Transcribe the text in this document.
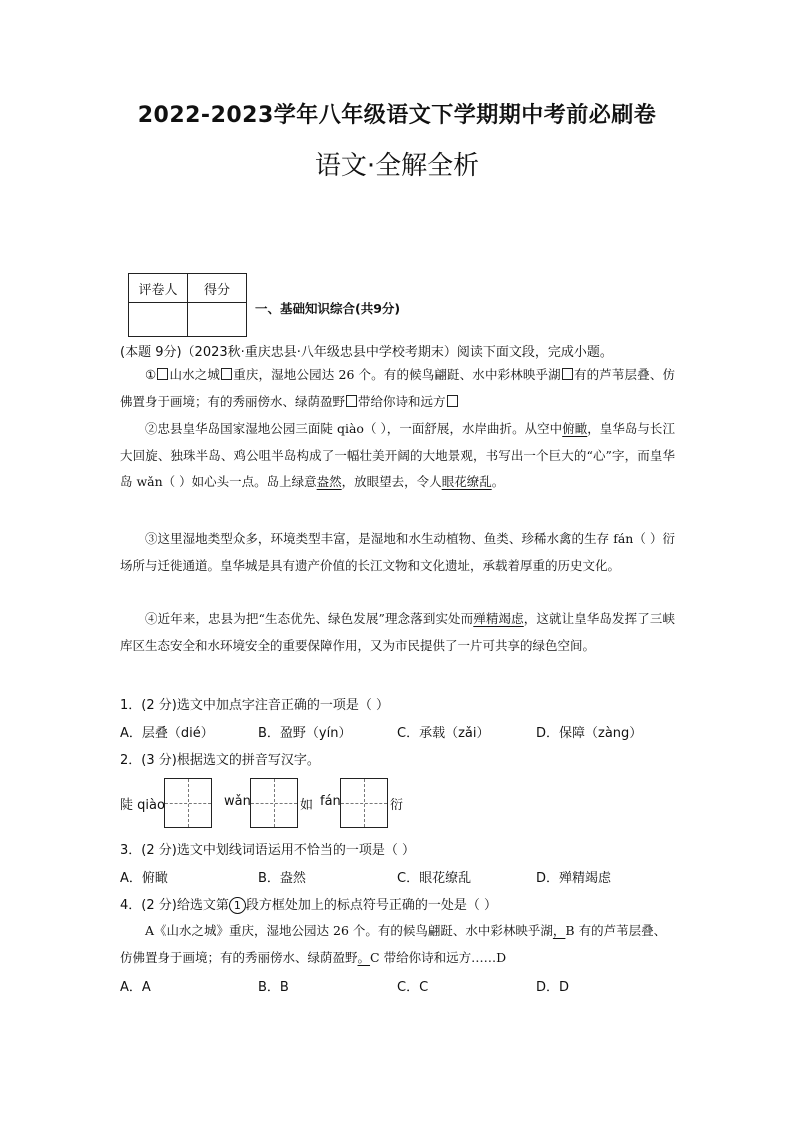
2022-2023学年八年级语文下学期期中考前必刷卷
语文·全解全析
评卷人	得分

一、基础知识综合(共9分)
(本题 9分)（2023秋·重庆忠县·八年级忠县中学校考期末）阅读下面文段，完成小题。
① 山水之城 重庆，湿地公园达 26 个。有的候鸟翩跹、水中彩林映乎湖 有的芦苇层叠、仿佛置身于画境；有的秀丽傍水、绿荫盈野 带给你诗和远方
②忠县皇华岛国家湿地公园三面陡 qiào（ ），一面舒展，水岸曲折。从空中俯瞰，皇华岛与长江大回旋、独珠半岛、鸡公咀半岛构成了一幅壮美开阔的大地景观，书写出一个巨大的“心”字，而皇华岛 wǎn（ ）如心头一点。岛上绿意盎然，放眼望去，令人眼花缭乱。
③这里湿地类型众多，环境类型丰富，是湿地和水生动植物、鱼类、珍稀水禽的生存 fán（ ）衍场所与迁徙通道。皇华城是具有遗产价值的长江文物和文化遗址，承载着厚重的历史文化。
④近年来，忠县为把“生态优先、绿色发展”理念落到实处而殚精竭虑，这就让皇华岛发挥了三峡库区生态安全和水环境安全的重要保障作用，又为市民提供了一片可共享的绿色空间。
1．(2 分)选文中加点字注音正确的一项是（ ）
A．层叠（dié）	B．盈野（yín）	C．承载（zǎi）	D．保障（zàng）
2．(3 分)根据选文的拼音写汉字。
陡 qiào	wǎn	如 fán	衍
3．(2 分)选文中划线词语运用不恰当的一项是（ ）
A．俯瞰	B．盎然	C．眼花缭乱	D．殚精竭虑
4．(2 分)给选文第 1 段方框处加上的标点符号正确的一处是（ ）
A《山水之城》重庆，湿地公园达 26 个。有的候鸟翩跹、水中彩林映乎湖，B 有的芦苇层叠、仿佛置身于画境；有的秀丽傍水、绿荫盈野。C 带给你诗和远方……D
A．A	B．B	C．C	D．D
